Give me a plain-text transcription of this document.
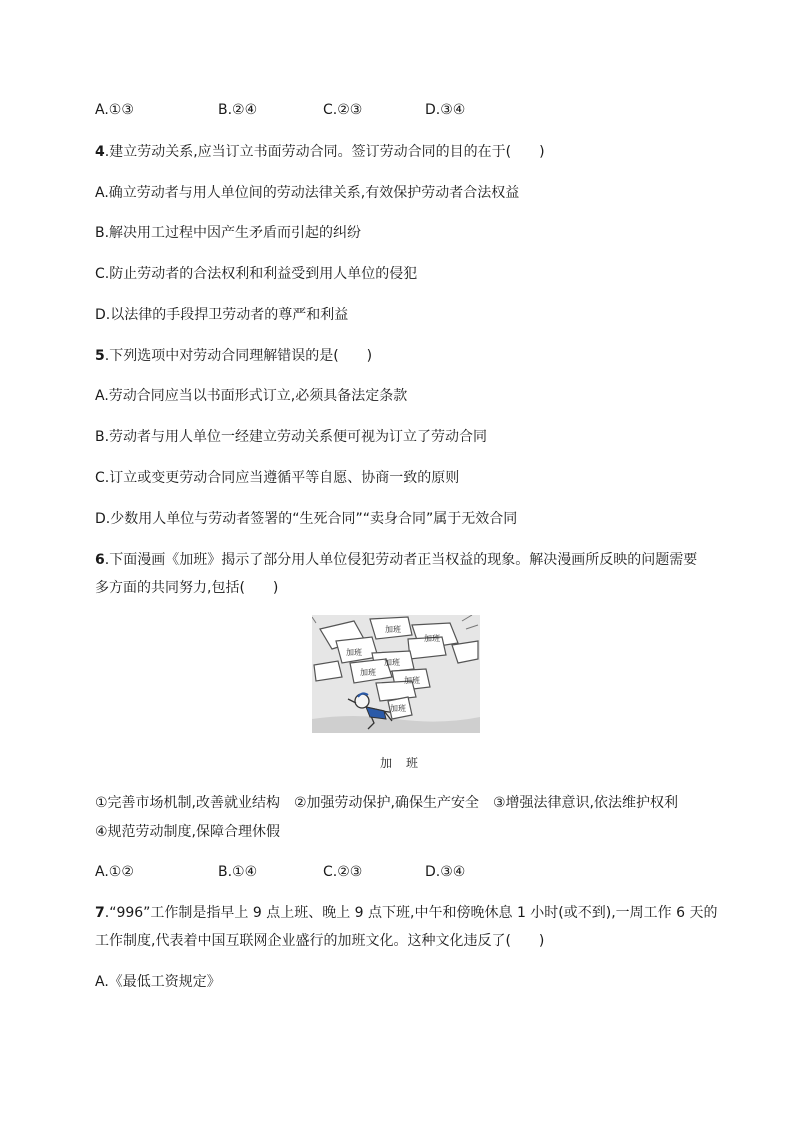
A.①③	B.②④	C.②③	D.③④
4.建立劳动关系,应当订立书面劳动合同。签订劳动合同的目的在于(　　)
A.确立劳动者与用人单位间的劳动法律关系,有效保护劳动者合法权益
B.解决用工过程中因产生矛盾而引起的纠纷
C.防止劳动者的合法权利和利益受到用人单位的侵犯
D.以法律的手段捍卫劳动者的尊严和利益
5.下列选项中对劳动合同理解错误的是(　　)
A.劳动合同应当以书面形式订立,必须具备法定条款
B.劳动者与用人单位一经建立劳动关系便可视为订立了劳动合同
C.订立或变更劳动合同应当遵循平等自愿、协商一致的原则
D.少数用人单位与劳动者签署的“生死合同”“卖身合同”属于无效合同
6.下面漫画《加班》揭示了部分用人单位侵犯劳动者正当权益的现象。解决漫画所反映的问题需要
多方面的共同努力,包括(　　)
加班
加班
加班
加班
加班
加班
加班
加班
①完善市场机制,改善就业结构　②加强劳动保护,确保生产安全　③增强法律意识,依法维护权利
④规范劳动制度,保障合理休假
A.①②	B.①④	C.②③	D.③④
7.“996”工作制是指早上 9 点上班、晚上 9 点下班,中午和傍晚休息 1 小时(或不到),一周工作 6 天的
工作制度,代表着中国互联网企业盛行的加班文化。这种文化违反了(　　)
A.《最低工资规定》
